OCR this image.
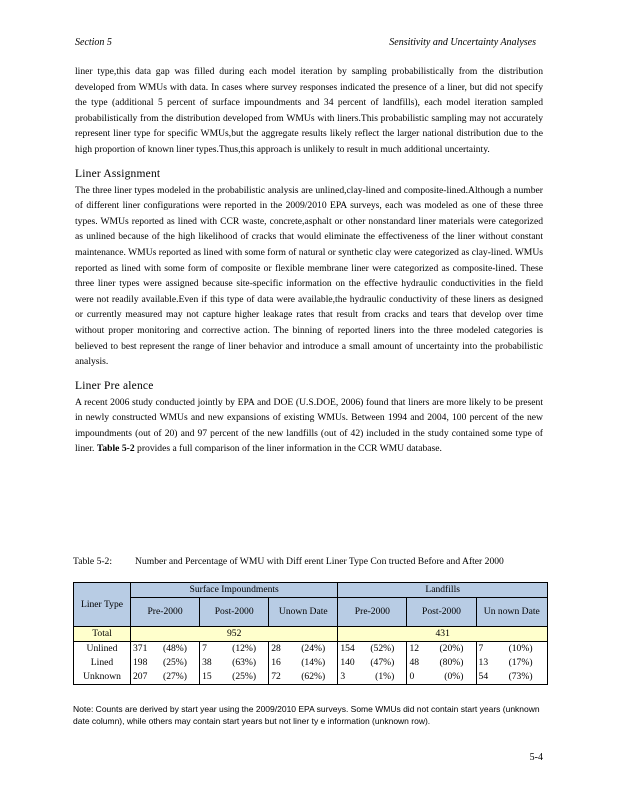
Section 5	Sensitivity and Uncertainty Analyses

liner type,this data gap was filled during each model iteration by sampling probabilistically from the distribution developed from WMUs with data. In cases where survey responses indicated the presence of a liner, but did not specify the type (additional 5 percent of surface impoundments and 34 percent of landfills), each model iteration sampled probabilistically from the distribution developed from WMUs with liners.This probabilistic sampling may not accurately represent liner type for specific WMUs,but the aggregate results likely reflect the larger national distribution due to the high proportion of known liner types.Thus,this approach is unlikely to result in much additional uncertainty.

Liner Assignment

The three liner types modeled in the probabilistic analysis are unlined,clay-lined and composite-lined.Although a number of different liner configurations were reported in the 2009/2010 EPA surveys, each was modeled as one of these three types. WMUs reported as lined with CCR waste, concrete,asphalt or other nonstandard liner materials were categorized as unlined because of the high likelihood of cracks that would eliminate the effectiveness of the liner without constant maintenance. WMUs reported as lined with some form of natural or synthetic clay were categorized as clay-lined. WMUs reported as lined with some form of composite or flexible membrane liner were categorized as composite-lined. These three liner types were assigned because site-specific information on the effective hydraulic conductivities in the field were not readily available.Even if this type of data were available,the hydraulic conductivity of these liners as designed or currently measured may not capture higher leakage rates that result from cracks and tears that develop over time without proper monitoring and corrective action. The binning of reported liners into the three modeled categories is believed to best represent the range of liner behavior and introduce a small amount of uncertainty into the probabilistic analysis.

Liner Pre alence

A recent 2006 study conducted jointly by EPA and DOE (U.S.DOE, 2006) found that liners are more likely to be present in newly constructed WMUs and new expansions of existing WMUs. Between 1994 and 2004, 100 percent of the new impoundments (out of 20) and 97 percent of the new landfills (out of 42) included in the study contained some type of liner. Table 5-2 provides a full comparison of the liner information in the CCR WMU database.

Table 5-2: Number and Percentage of WMU with Diff erent Liner Type Con tructed Before and After 2000
Liner Type	Surface Impoundments			Landfills		
	Pre-2000	Post-2000	Unown Date	Pre-2000	Post-2000	Un nown Date
Total	952			431		
Unlined	371 (48%)	7 (12%)	28 (24%)	154 (52%)	12 (20%)	7 (10%)
Lined	198 (25%)	38 (63%)	16 (14%)	140 (47%)	48 (80%)	13 (17%)
Unknown	207 (27%)	15 (25%)	72 (62%)	3 (1%)	0 (0%)	54 (73%)
Note: Counts are derived by start year using the 2009/2010 EPA surveys. Some WMUs did not contain start years (unknown date column), while others may contain start years but not liner ty e information (unknown row).
5-4
